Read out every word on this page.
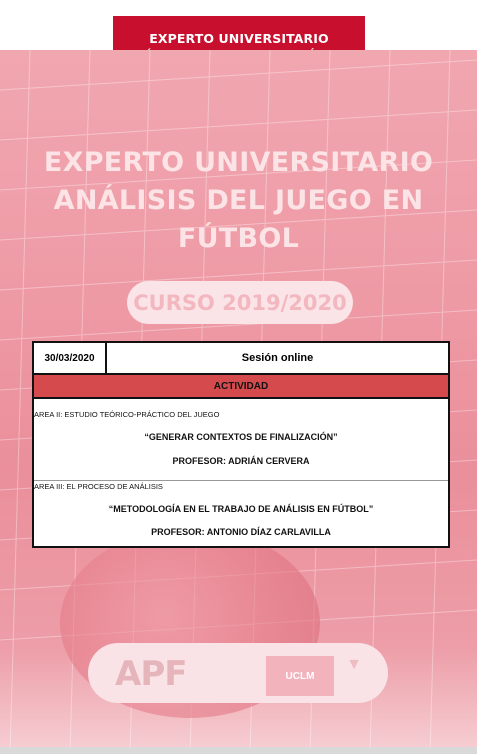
EXPERTO UNIVERSITARIO
EXPERTO UNIVERSITARIO
ANÁLISIS DEL JUEGO EN FÚTBOL
CURSO 2019/2020
APF	UCLM
▼
30/03/2020	Sesión online
ACTIVIDAD
AREA II: ESTUDIO TEÓRICO-PRÁCTICO DEL JUEGO
“GENERAR CONTEXTOS DE FINALIZACIÓN”
PROFESOR: ADRIÁN CERVERA
AREA III: EL PROCESO DE ANÁLISIS
“METODOLOGÍA EN EL TRABAJO DE ANÁLISIS EN FÚTBOL”
PROFESOR: ANTONIO DÍAZ CARLAVILLA
